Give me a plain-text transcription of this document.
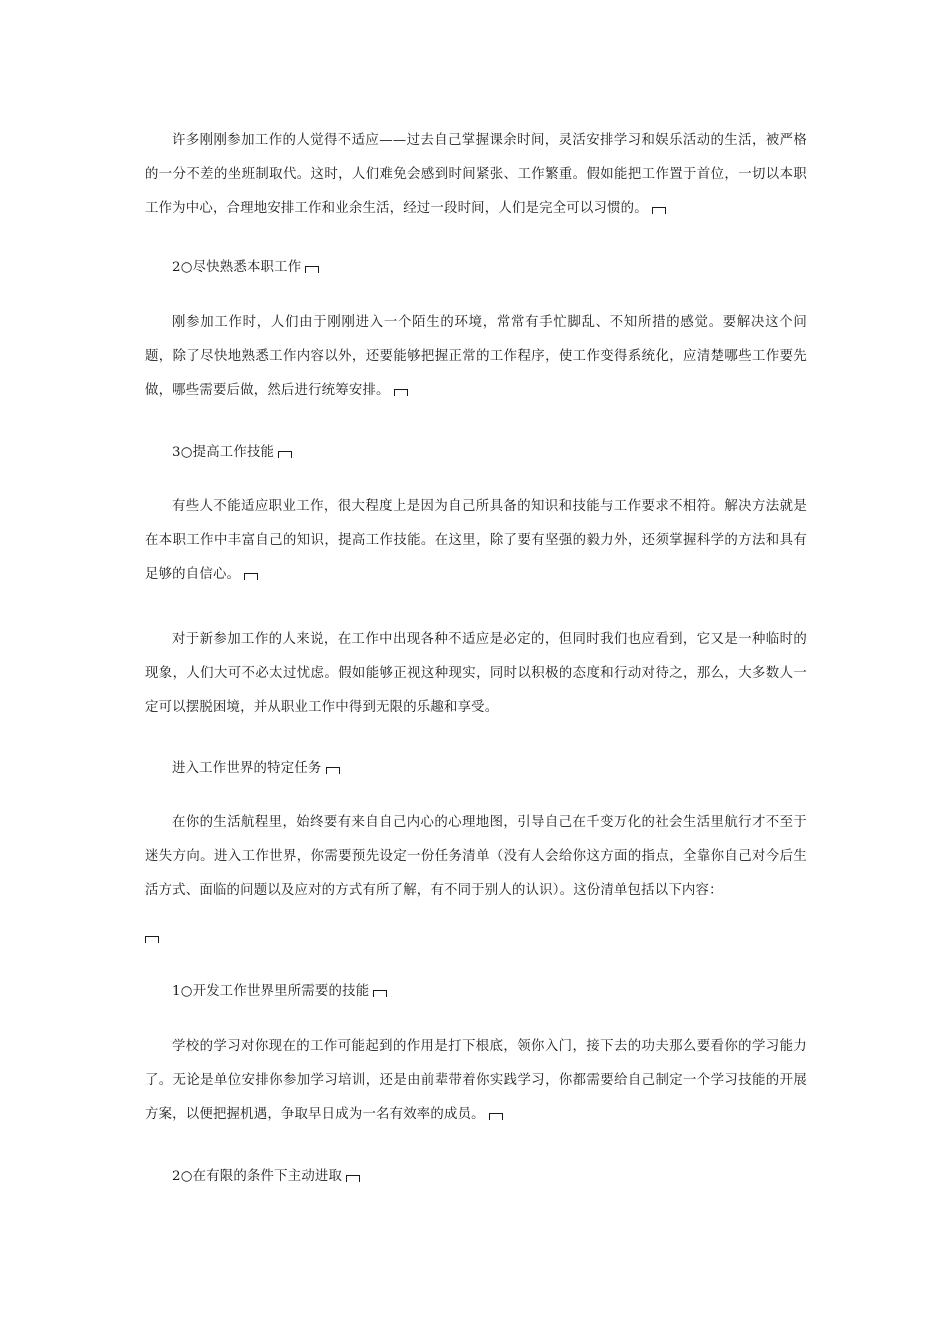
许多刚刚参加工作的人觉得不适应——过去自己掌握课余时间，灵活安排学习和娱乐活动的生活，被严格的一分不差的坐班制取代。这时，人们难免会感到时间紧张、工作繁重。假如能把工作置于首位，一切以本职工作为中心，合理地安排工作和业余生活，经过一段时间，人们是完全可以习惯的。
2○尽快熟悉本职工作
刚参加工作时，人们由于刚刚进入一个陌生的环境，常常有手忙脚乱、不知所措的感觉。要解决这个问题，除了尽快地熟悉工作内容以外，还要能够把握正常的工作程序，使工作变得系统化，应清楚哪些工作要先做，哪些需要后做，然后进行统筹安排。
3○提高工作技能
有些人不能适应职业工作，很大程度上是因为自己所具备的知识和技能与工作要求不相符。解决方法就是在本职工作中丰富自己的知识，提高工作技能。在这里，除了要有坚强的毅力外，还须掌握科学的方法和具有足够的自信心。
对于新参加工作的人来说，在工作中出现各种不适应是必定的，但同时我们也应看到，它又是一种临时的现象，人们大可不必太过忧虑。假如能够正视这种现实，同时以积极的态度和行动对待之，那么，大多数人一定可以摆脱困境，并从职业工作中得到无限的乐趣和享受。
进入工作世界的特定任务
在你的生活航程里，始终要有来自自己内心的心理地图，引导自己在千变万化的社会生活里航行才不至于迷失方向。进入工作世界，你需要预先设定一份任务清单（没有人会给你这方面的指点，全靠你自己对今后生活方式、面临的问题以及应对的方式有所了解，有不同于别人的认识）。这份清单包括以下内容：
1○开发工作世界里所需要的技能
学校的学习对你现在的工作可能起到的作用是打下根底，领你入门，接下去的功夫那么要看你的学习能力了。无论是单位安排你参加学习培训，还是由前辈带着你实践学习，你都需要给自己制定一个学习技能的开展方案，以便把握机遇，争取早日成为一名有效率的成员。
2○在有限的条件下主动进取
